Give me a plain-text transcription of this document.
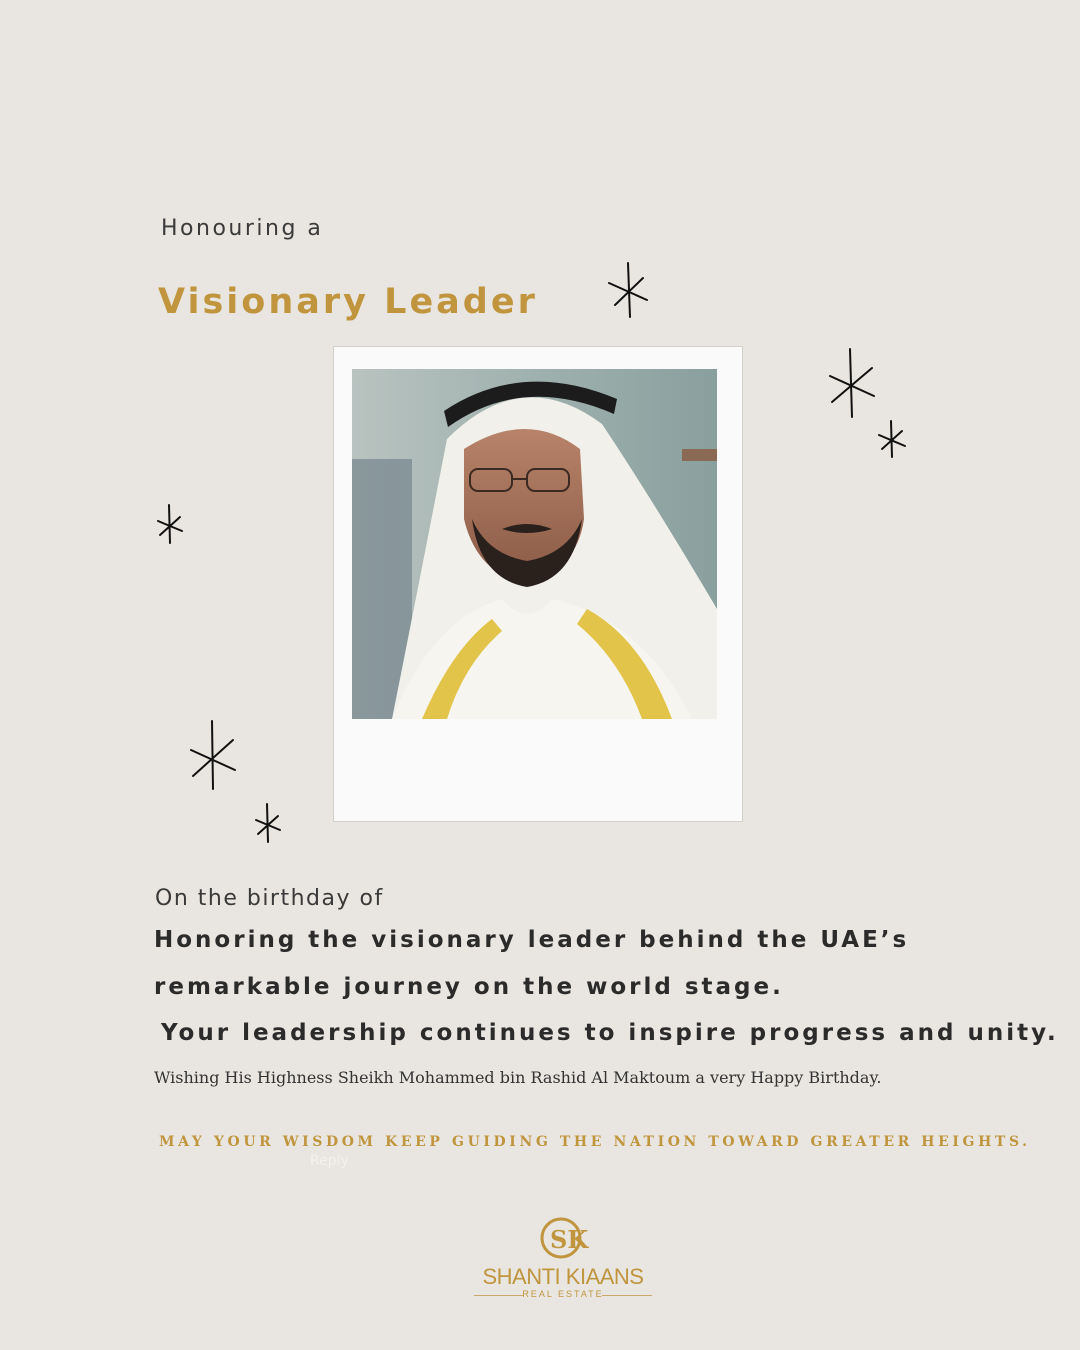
Honouring a
Visionary Leader
On the birthday of
Honoring the visionary leader behind the UAE’s
remarkable journey on the world stage.
Your leadership continues to inspire progress and unity.
Wishing His Highness Sheikh Mohammed bin Rashid Al Maktoum a very Happy Birthday.
MAY YOUR WISDOM KEEP GUIDING THE NATION TOWARD GREATER HEIGHTS.
Reply
SK
SHANTI KIAANS
REAL ESTATE
